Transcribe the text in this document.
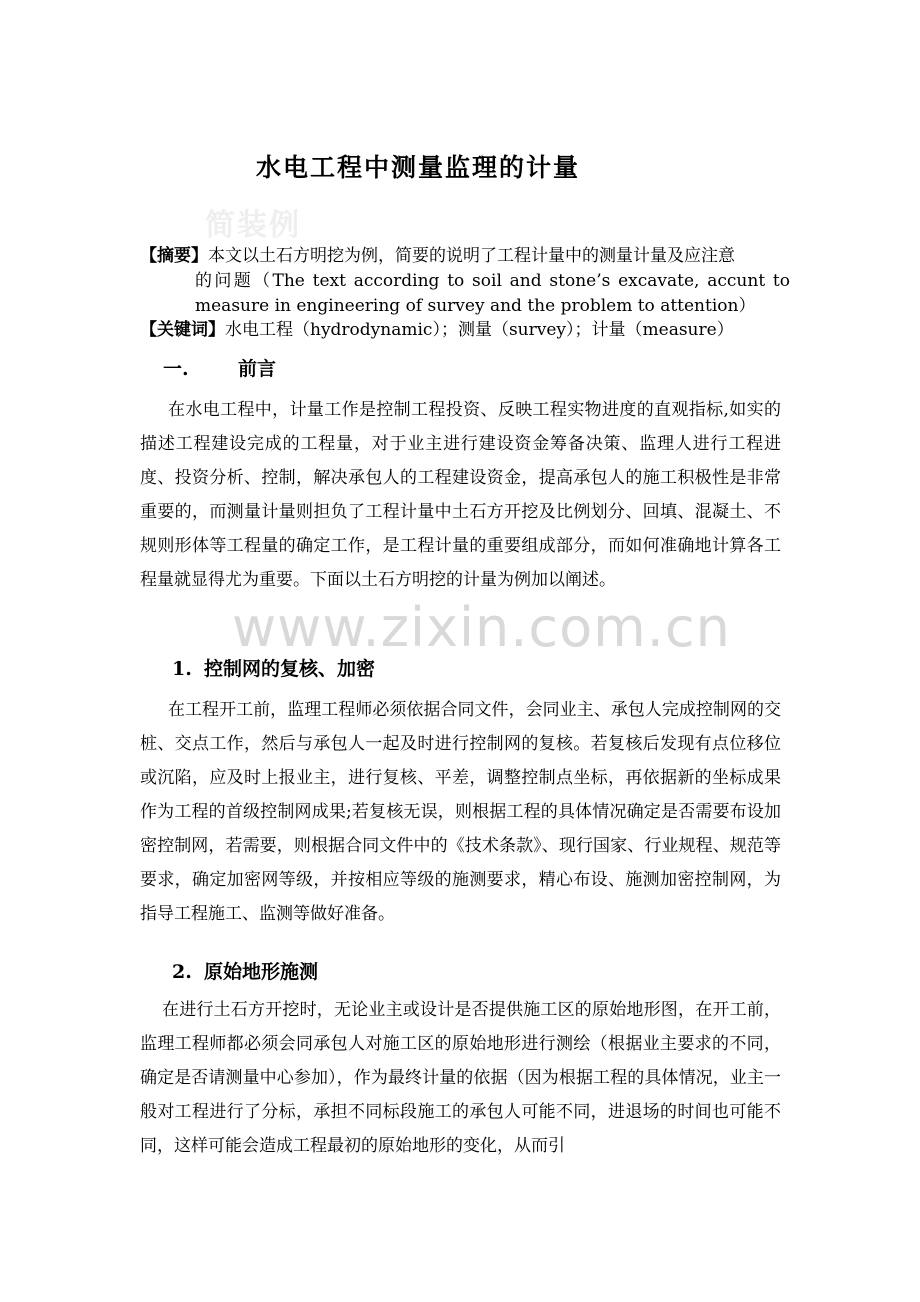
简装例
www.zixin.com.cn
水电工程中测量监理的计量
【摘要】本文以土石方明挖为例，简要的说明了工程计量中的测量计量及应注意
的问题（The text according to soil and stone’s excavate, accunt to measure in engineering of survey and the problem to attention）
【关键词】水电工程（hydrodynamic）；测量（survey）；计量（measure）
一.	前言

在水电工程中，计量工作是控制工程投资、反映工程实物进度的直观指标,如实的描述工程建设完成的工程量，对于业主进行建设资金筹备决策、监理人进行工程进度、投资分析、控制，解决承包人的工程建设资金，提高承包人的施工积极性是非常重要的，而测量计量则担负了工程计量中土石方开挖及比例划分、回填、混凝土、不规则形体等工程量的确定工作，是工程计量的重要组成部分，而如何准确地计算各工程量就显得尤为重要。下面以土石方明挖的计量为例加以阐述。

1. 控制网的复核、加密

在工程开工前，监理工程师必须依据合同文件，会同业主、承包人完成控制网的交桩、交点工作，然后与承包人一起及时进行控制网的复核。若复核后发现有点位移位或沉陷，应及时上报业主，进行复核、平差，调整控制点坐标，再依据新的坐标成果作为工程的首级控制网成果;若复核无误，则根据工程的具体情况确定是否需要布设加密控制网，若需要，则根据合同文件中的《技术条款》、现行国家、行业规程、规范等要求，确定加密网等级，并按相应等级的施测要求，精心布设、施测加密控制网，为指导工程施工、监测等做好准备。

2. 原始地形施测

在进行土石方开挖时，无论业主或设计是否提供施工区的原始地形图，在开工前，监理工程师都必须会同承包人对施工区的原始地形进行测绘（根据业主要求的不同，确定是否请测量中心参加），作为最终计量的依据（因为根据工程的具体情况，业主一般对工程进行了分标，承担不同标段施工的承包人可能不同，进退场的时间也可能不同，这样可能会造成工程最初的原始地形的变化，从而引
